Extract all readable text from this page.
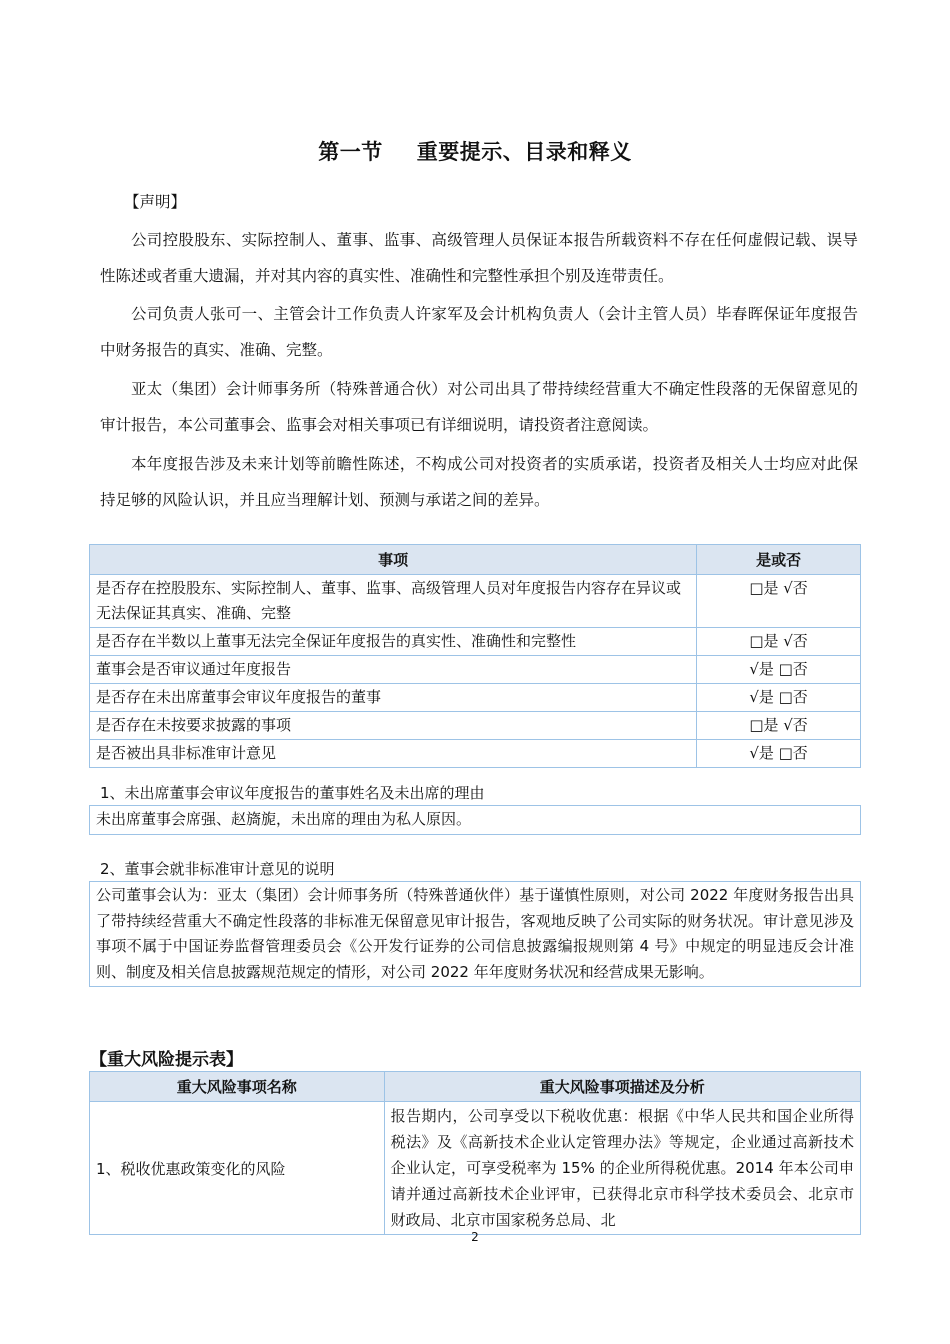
第一节 重要提示、目录和释义
【声明】
公司控股股东、实际控制人、董事、监事、高级管理人员保证本报告所载资料不存在任何虚假记载、误导性陈述或者重大遗漏，并对其内容的真实性、准确性和完整性承担个别及连带责任。
公司负责人张可一、主管会计工作负责人许家军及会计机构负责人（会计主管人员）毕春晖保证年度报告中财务报告的真实、准确、完整。
亚太（集团）会计师事务所（特殊普通合伙）对公司出具了带持续经营重大不确定性段落的无保留意见的审计报告，本公司董事会、监事会对相关事项已有详细说明，请投资者注意阅读。
本年度报告涉及未来计划等前瞻性陈述，不构成公司对投资者的实质承诺，投资者及相关人士均应对此保持足够的风险认识，并且应当理解计划、预测与承诺之间的差异。
事项	是或否
是否存在控股股东、实际控制人、董事、监事、高级管理人员对年度报告内容存在异议或无法保证其真实、准确、完整	□是 √否
是否存在半数以上董事无法完全保证年度报告的真实性、准确性和完整性	□是 √否
董事会是否审议通过年度报告	√是 □否
是否存在未出席董事会审议年度报告的董事	√是 □否
是否存在未按要求披露的事项	□是 √否
是否被出具非标准审计意见	√是 □否
1、未出席董事会审议年度报告的董事姓名及未出席的理由
未出席董事会席强、赵旖旎，未出席的理由为私人原因。
2、董事会就非标准审计意见的说明
公司董事会认为：亚太（集团）会计师事务所（特殊普通伙伴）基于谨慎性原则，对公司 2022 年度财务报告出具了带持续经营重大不确定性段落的非标准无保留意见审计报告，客观地反映了公司实际的财务状况。审计意见涉及事项不属于中国证券监督管理委员会《公开发行证券的公司信息披露编报规则第 4 号》中规定的明显违反会计准则、制度及相关信息披露规范规定的情形，对公司 2022 年年度财务状况和经营成果无影响。
【重大风险提示表】
重大风险事项名称	重大风险事项描述及分析
1、税收优惠政策变化的风险	报告期内，公司享受以下税收优惠：根据《中华人民共和国企业所得税法》及《高新技术企业认定管理办法》等规定，企业通过高新技术企业认定，可享受税率为 15% 的企业所得税优惠。2014 年本公司申请并通过高新技术企业评审，已获得北京市科学技术委员会、北京市财政局、北京市国家税务总局、北
2
